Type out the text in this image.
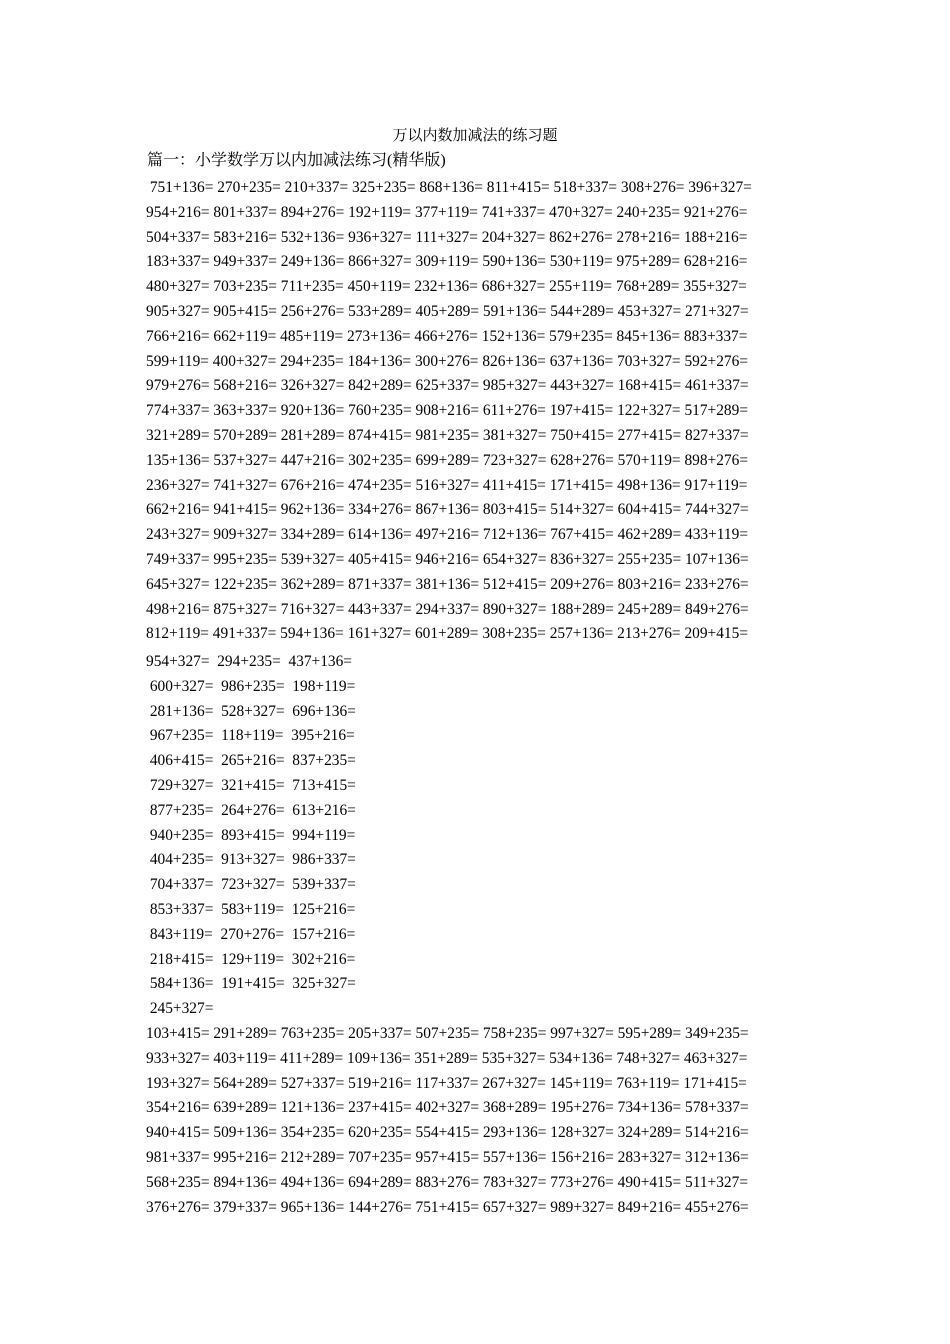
万以内数加减法的练习题
篇一：小学数学万以内加减法练习(精华版)
751+136= 270+235= 210+337= 325+235= 868+136= 811+415= 518+337= 308+276= 396+327=
954+216= 801+337= 894+276= 192+119= 377+119= 741+337= 470+327= 240+235= 921+276=
504+337= 583+216= 532+136= 936+327= 111+327= 204+327= 862+276= 278+216= 188+216=
183+337= 949+337= 249+136= 866+327= 309+119= 590+136= 530+119= 975+289= 628+216=
480+327= 703+235= 711+235= 450+119= 232+136= 686+327= 255+119= 768+289= 355+327=
905+327= 905+415= 256+276= 533+289= 405+289= 591+136= 544+289= 453+327= 271+327=
766+216= 662+119= 485+119= 273+136= 466+276= 152+136= 579+235= 845+136= 883+337=
599+119= 400+327= 294+235= 184+136= 300+276= 826+136= 637+136= 703+327= 592+276=
979+276= 568+216= 326+327= 842+289= 625+337= 985+327= 443+327= 168+415= 461+337=
774+337= 363+337= 920+136= 760+235= 908+216= 611+276= 197+415= 122+327= 517+289=
321+289= 570+289= 281+289= 874+415= 981+235= 381+327= 750+415= 277+415= 827+337=
135+136= 537+327= 447+216= 302+235= 699+289= 723+327= 628+276= 570+119= 898+276=
236+327= 741+327= 676+216= 474+235= 516+327= 411+415= 171+415= 498+136= 917+119=
662+216= 941+415= 962+136= 334+276= 867+136= 803+415= 514+327= 604+415= 744+327=
243+327= 909+327= 334+289= 614+136= 497+216= 712+136= 767+415= 462+289= 433+119=
749+337= 995+235= 539+327= 405+415= 946+216= 654+327= 836+327= 255+235= 107+136=
645+327= 122+235= 362+289= 871+337= 381+136= 512+415= 209+276= 803+216= 233+276=
498+216= 875+327= 716+327= 443+337= 294+337= 890+327= 188+289= 245+289= 849+276=
812+119= 491+337= 594+136= 161+327= 601+289= 308+235= 257+136= 213+276= 209+415=
954+327=  294+235=  437+136=
600+327=  986+235=  198+119=
281+136=  528+327=  696+136=
967+235=  118+119=  395+216=
406+415=  265+216=  837+235=
729+327=  321+415=  713+415=
877+235=  264+276=  613+216=
940+235=  893+415=  994+119=
404+235=  913+327=  986+337=
704+337=  723+327=  539+337=
853+337=  583+119=  125+216=
843+119=  270+276=  157+216=
218+415=  129+119=  302+216=
584+136=  191+415=  325+327=
245+327=
103+415= 291+289= 763+235= 205+337= 507+235= 758+235= 997+327= 595+289= 349+235=
933+327= 403+119= 411+289= 109+136= 351+289= 535+327= 534+136= 748+327= 463+327=
193+327= 564+289= 527+337= 519+216= 117+337= 267+327= 145+119= 763+119= 171+415=
354+216= 639+289= 121+136= 237+415= 402+327= 368+289= 195+276= 734+136= 578+337=
940+415= 509+136= 354+235= 620+235= 554+415= 293+136= 128+327= 324+289= 514+216=
981+337= 995+216= 212+289= 707+235= 957+415= 557+136= 156+216= 283+327= 312+136=
568+235= 894+136= 494+136= 694+289= 883+276= 783+327= 773+276= 490+415= 511+327=
376+276= 379+337= 965+136= 144+276= 751+415= 657+327= 989+327= 849+216= 455+276=
